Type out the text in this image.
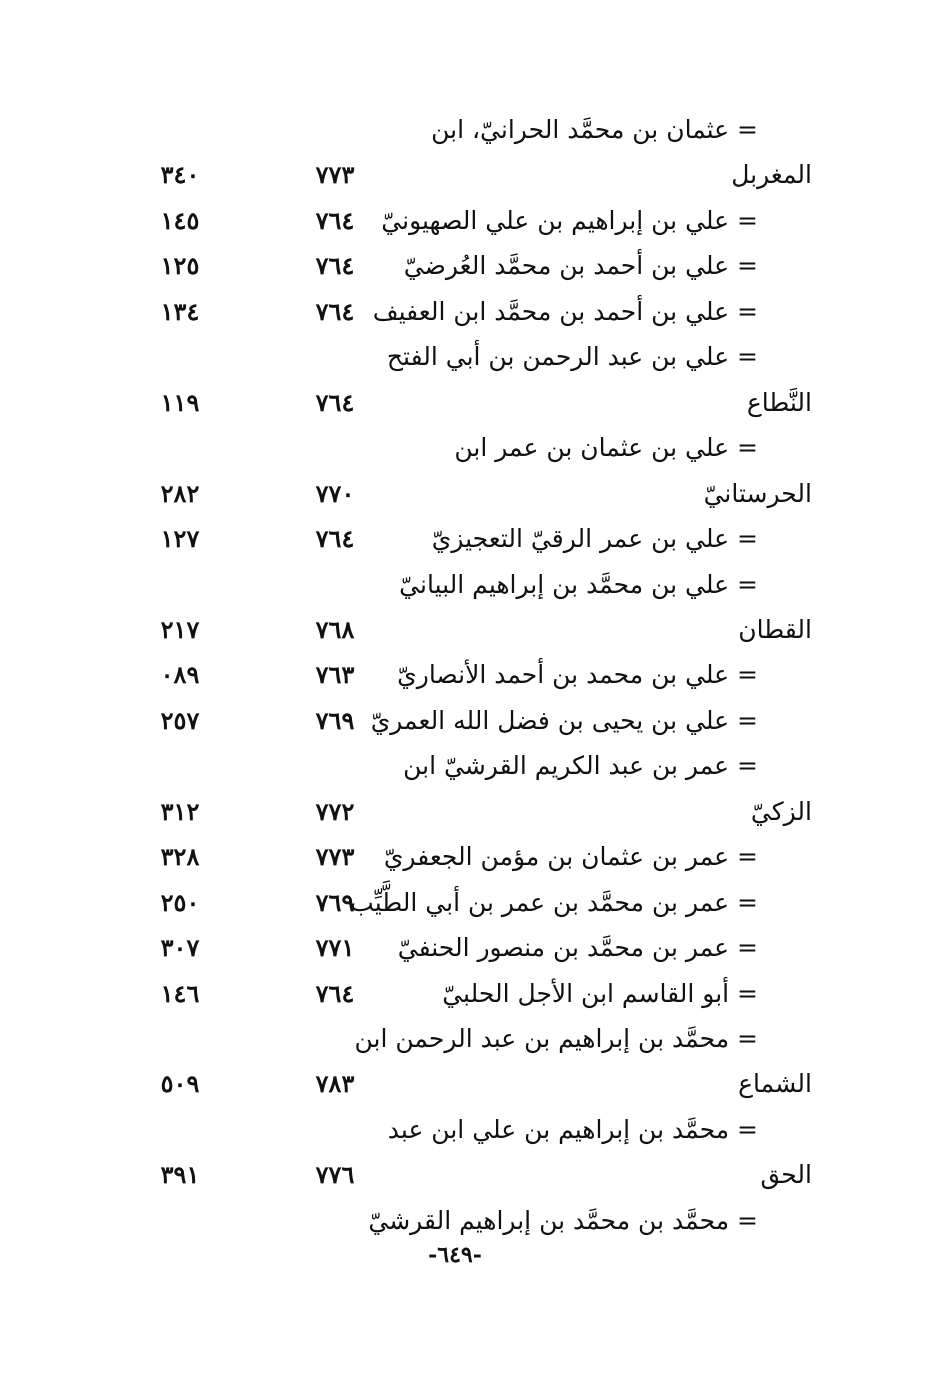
= عثمان بن محمَّد الحرانيّ، ابن
المغربل
٧٧٣
٣٤٠
= علي بن إبراهيم بن علي الصهيونيّ
٧٦٤
١٤٥
= علي بن أحمد بن محمَّد العُرضيّ
٧٦٤
١٢٥
= علي بن أحمد بن محمَّد ابن العفيف
٧٦٤
١٣٤
= علي بن عبد الرحمن بن أبي الفتح
النَّطاع
٧٦٤
١١٩
= علي بن عثمان بن عمر ابن
الحرستانيّ
٧٧٠
٢٨٢
= علي بن عمر الرقيّ التعجيزيّ
٧٦٤
١٢٧
= علي بن محمَّد بن إبراهيم البيانيّ
القطان
٧٦٨
٢١٧
= علي بن محمد بن أحمد الأنصاريّ
٧٦٣
٠٨٩
= علي بن يحيى بن فضل الله العمريّ
٧٦٩
٢٥٧
= عمر بن عبد الكريم القرشيّ ابن
الزكيّ
٧٧٢
٣١٢
= عمر بن عثمان بن مؤمن الجعفريّ
٧٧٣
٣٢٨
= عمر بن محمَّد بن عمر بن أبي الطَّيِّب
٧٦٩
٢٥٠
= عمر بن محمَّد بن منصور الحنفيّ
٧٧١
٣٠٧
= أبو القاسم ابن الأجل الحلبيّ
٧٦٤
١٤٦
= محمَّد بن إبراهيم بن عبد الرحمن ابن
الشماع
٧٨٣
٥٠٩
= محمَّد بن إبراهيم بن علي ابن عبد
الحق
٧٧٦
٣٩١
= محمَّد بن محمَّد بن إبراهيم القرشيّ
-٦٤٩-
